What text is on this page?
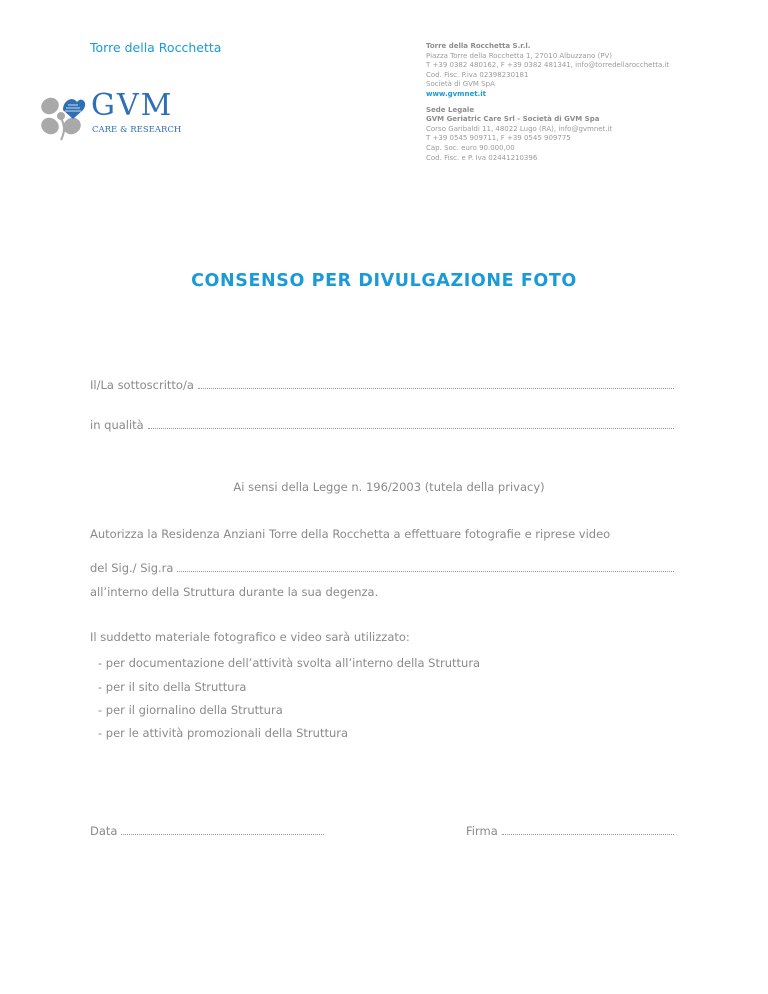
Torre della Rocchetta
GVM
CARE & RESEARCH
Torre della Rocchetta S.r.l.
Piazza Torre della Rocchetta 1, 27010 Albuzzano (PV)
T +39 0382 480162, F +39 0382 481341, info@torredellarocchetta.it
Cod. Fisc. P.iva 02398230181
Società di GVM SpA
www.gvmnet.it
Sede Legale
GVM Geriatric Care Srl - Società di GVM Spa
Corso Garibaldi 11, 48022 Lugo (RA), info@gvmnet.it
T +39 0545 909711, F +39 0545 909775
Cap. Soc. euro 90.000,00
Cod. Fisc. e P. Iva 02441210396
CONSENSO PER DIVULGAZIONE FOTO
Il/La sottoscritto/a
in qualità
Ai sensi della Legge n. 196/2003 (tutela della privacy)
Autorizza la Residenza Anziani Torre della Rocchetta a effettuare fotografie e riprese video
del Sig./ Sig.ra
all’interno della Struttura durante la sua degenza.
Il suddetto materiale fotografico e video sarà utilizzato:
- per documentazione dell’attività svolta all’interno della Struttura
- per il sito della Struttura
- per il giornalino della Struttura
- per le attività promozionali della Struttura
Data	Firma
